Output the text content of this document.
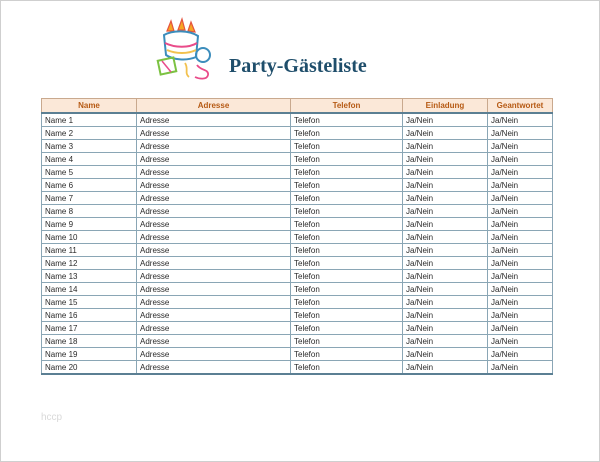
Party-Gästeliste
Name	Adresse	Telefon	Einladung	Geantwortet
Name 1	Adresse	Telefon	Ja/Nein	Ja/Nein
Name 2	Adresse	Telefon	Ja/Nein	Ja/Nein
Name 3	Adresse	Telefon	Ja/Nein	Ja/Nein
Name 4	Adresse	Telefon	Ja/Nein	Ja/Nein
Name 5	Adresse	Telefon	Ja/Nein	Ja/Nein
Name 6	Adresse	Telefon	Ja/Nein	Ja/Nein
Name 7	Adresse	Telefon	Ja/Nein	Ja/Nein
Name 8	Adresse	Telefon	Ja/Nein	Ja/Nein
Name 9	Adresse	Telefon	Ja/Nein	Ja/Nein
Name 10	Adresse	Telefon	Ja/Nein	Ja/Nein
Name 11	Adresse	Telefon	Ja/Nein	Ja/Nein
Name 12	Adresse	Telefon	Ja/Nein	Ja/Nein
Name 13	Adresse	Telefon	Ja/Nein	Ja/Nein
Name 14	Adresse	Telefon	Ja/Nein	Ja/Nein
Name 15	Adresse	Telefon	Ja/Nein	Ja/Nein
Name 16	Adresse	Telefon	Ja/Nein	Ja/Nein
Name 17	Adresse	Telefon	Ja/Nein	Ja/Nein
Name 18	Adresse	Telefon	Ja/Nein	Ja/Nein
Name 19	Adresse	Telefon	Ja/Nein	Ja/Nein
Name 20	Adresse	Telefon	Ja/Nein	Ja/Nein
hccp
